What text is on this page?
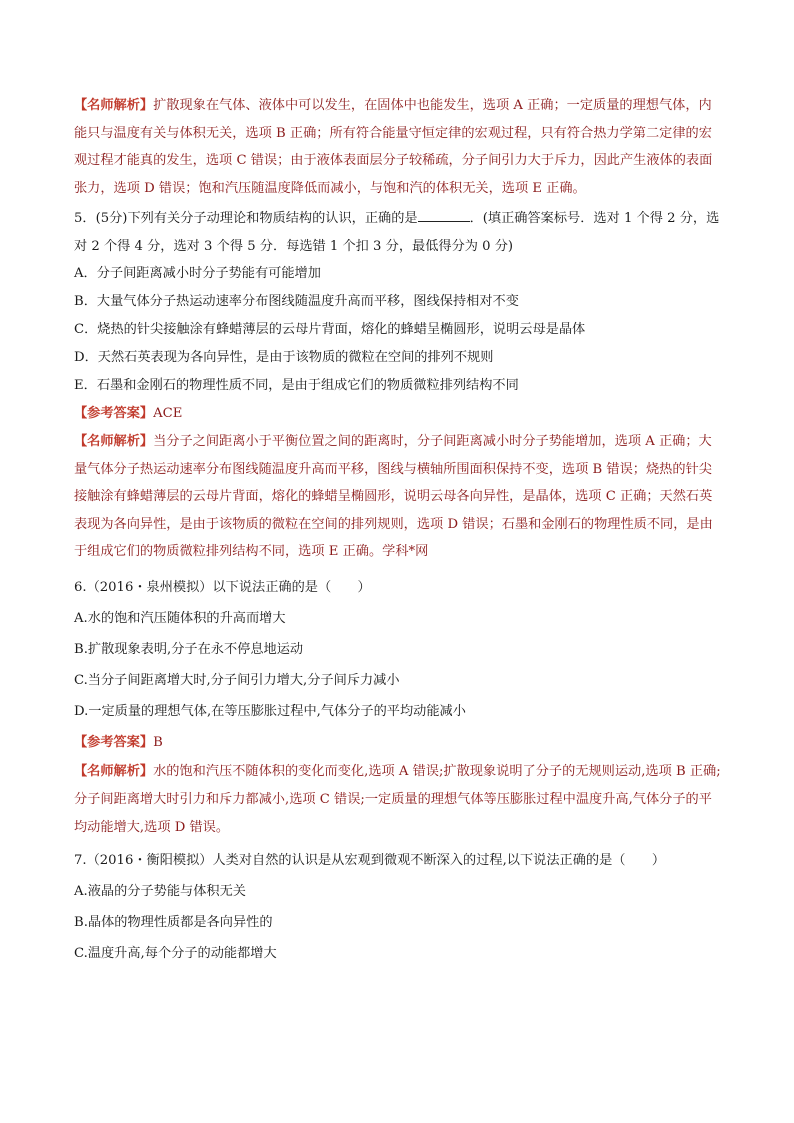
【名师解析】扩散现象在气体、液体中可以发生，在固体中也能发生，选项 A 正确；一定质量的理想气体，内能只与温度有关与体积无关，选项 B 正确；所有符合能量守恒定律的宏观过程，只有符合热力学第二定律的宏观过程才能真的发生，选项 C 错误；由于液体表面层分子较稀疏，分子间引力大于斥力，因此产生液体的表面张力，选项 D 错误；饱和汽压随温度降低而减小，与饱和汽的体积无关，选项 E 正确。

5．(5分)下列有关分子动理论和物质结构的认识，正确的是	．(填正确答案标号．选对 1 个得 2 分，选对 2 个得 4 分，选对 3 个得 5 分．每选错 1 个扣 3 分，最低得分为 0 分)

A．分子间距离减小时分子势能有可能增加

B．大量气体分子热运动速率分布图线随温度升高而平移，图线保持相对不变

C．烧热的针尖接触涂有蜂蜡薄层的云母片背面，熔化的蜂蜡呈椭圆形，说明云母是晶体

D．天然石英表现为各向异性，是由于该物质的微粒在空间的排列不规则

E．石墨和金刚石的物理性质不同，是由于组成它们的物质微粒排列结构不同

【参考答案】ACE

【名师解析】当分子之间距离小于平衡位置之间的距离时，分子间距离减小时分子势能增加，选项 A 正确；大量气体分子热运动速率分布图线随温度升高而平移，图线与横轴所围面积保持不变，选项 B 错误；烧热的针尖接触涂有蜂蜡薄层的云母片背面，熔化的蜂蜡呈椭圆形，说明云母各向异性，是晶体，选项 C 正确；天然石英表现为各向异性，是由于该物质的微粒在空间的排列规则，选项 D 错误；石墨和金刚石的物理性质不同，是由于组成它们的物质微粒排列结构不同，选项 E 正确。学科*网

6.（2016・泉州模拟）以下说法正确的是（　　）

A.水的饱和汽压随体积的升高而增大

B.扩散现象表明,分子在永不停息地运动

C.当分子间距离增大时,分子间引力增大,分子间斥力减小

D.一定质量的理想气体,在等压膨胀过程中,气体分子的平均动能减小

【参考答案】B

【名师解析】水的饱和汽压不随体积的变化而变化,选项 A 错误;扩散现象说明了分子的无规则运动,选项 B 正确;分子间距离增大时引力和斥力都减小,选项 C 错误;一定质量的理想气体等压膨胀过程中温度升高,气体分子的平均动能增大,选项 D 错误。

7.（2016・衡阳模拟）人类对自然的认识是从宏观到微观不断深入的过程,以下说法正确的是（　　）

A.液晶的分子势能与体积无关

B.晶体的物理性质都是各向异性的

C.温度升高,每个分子的动能都增大
